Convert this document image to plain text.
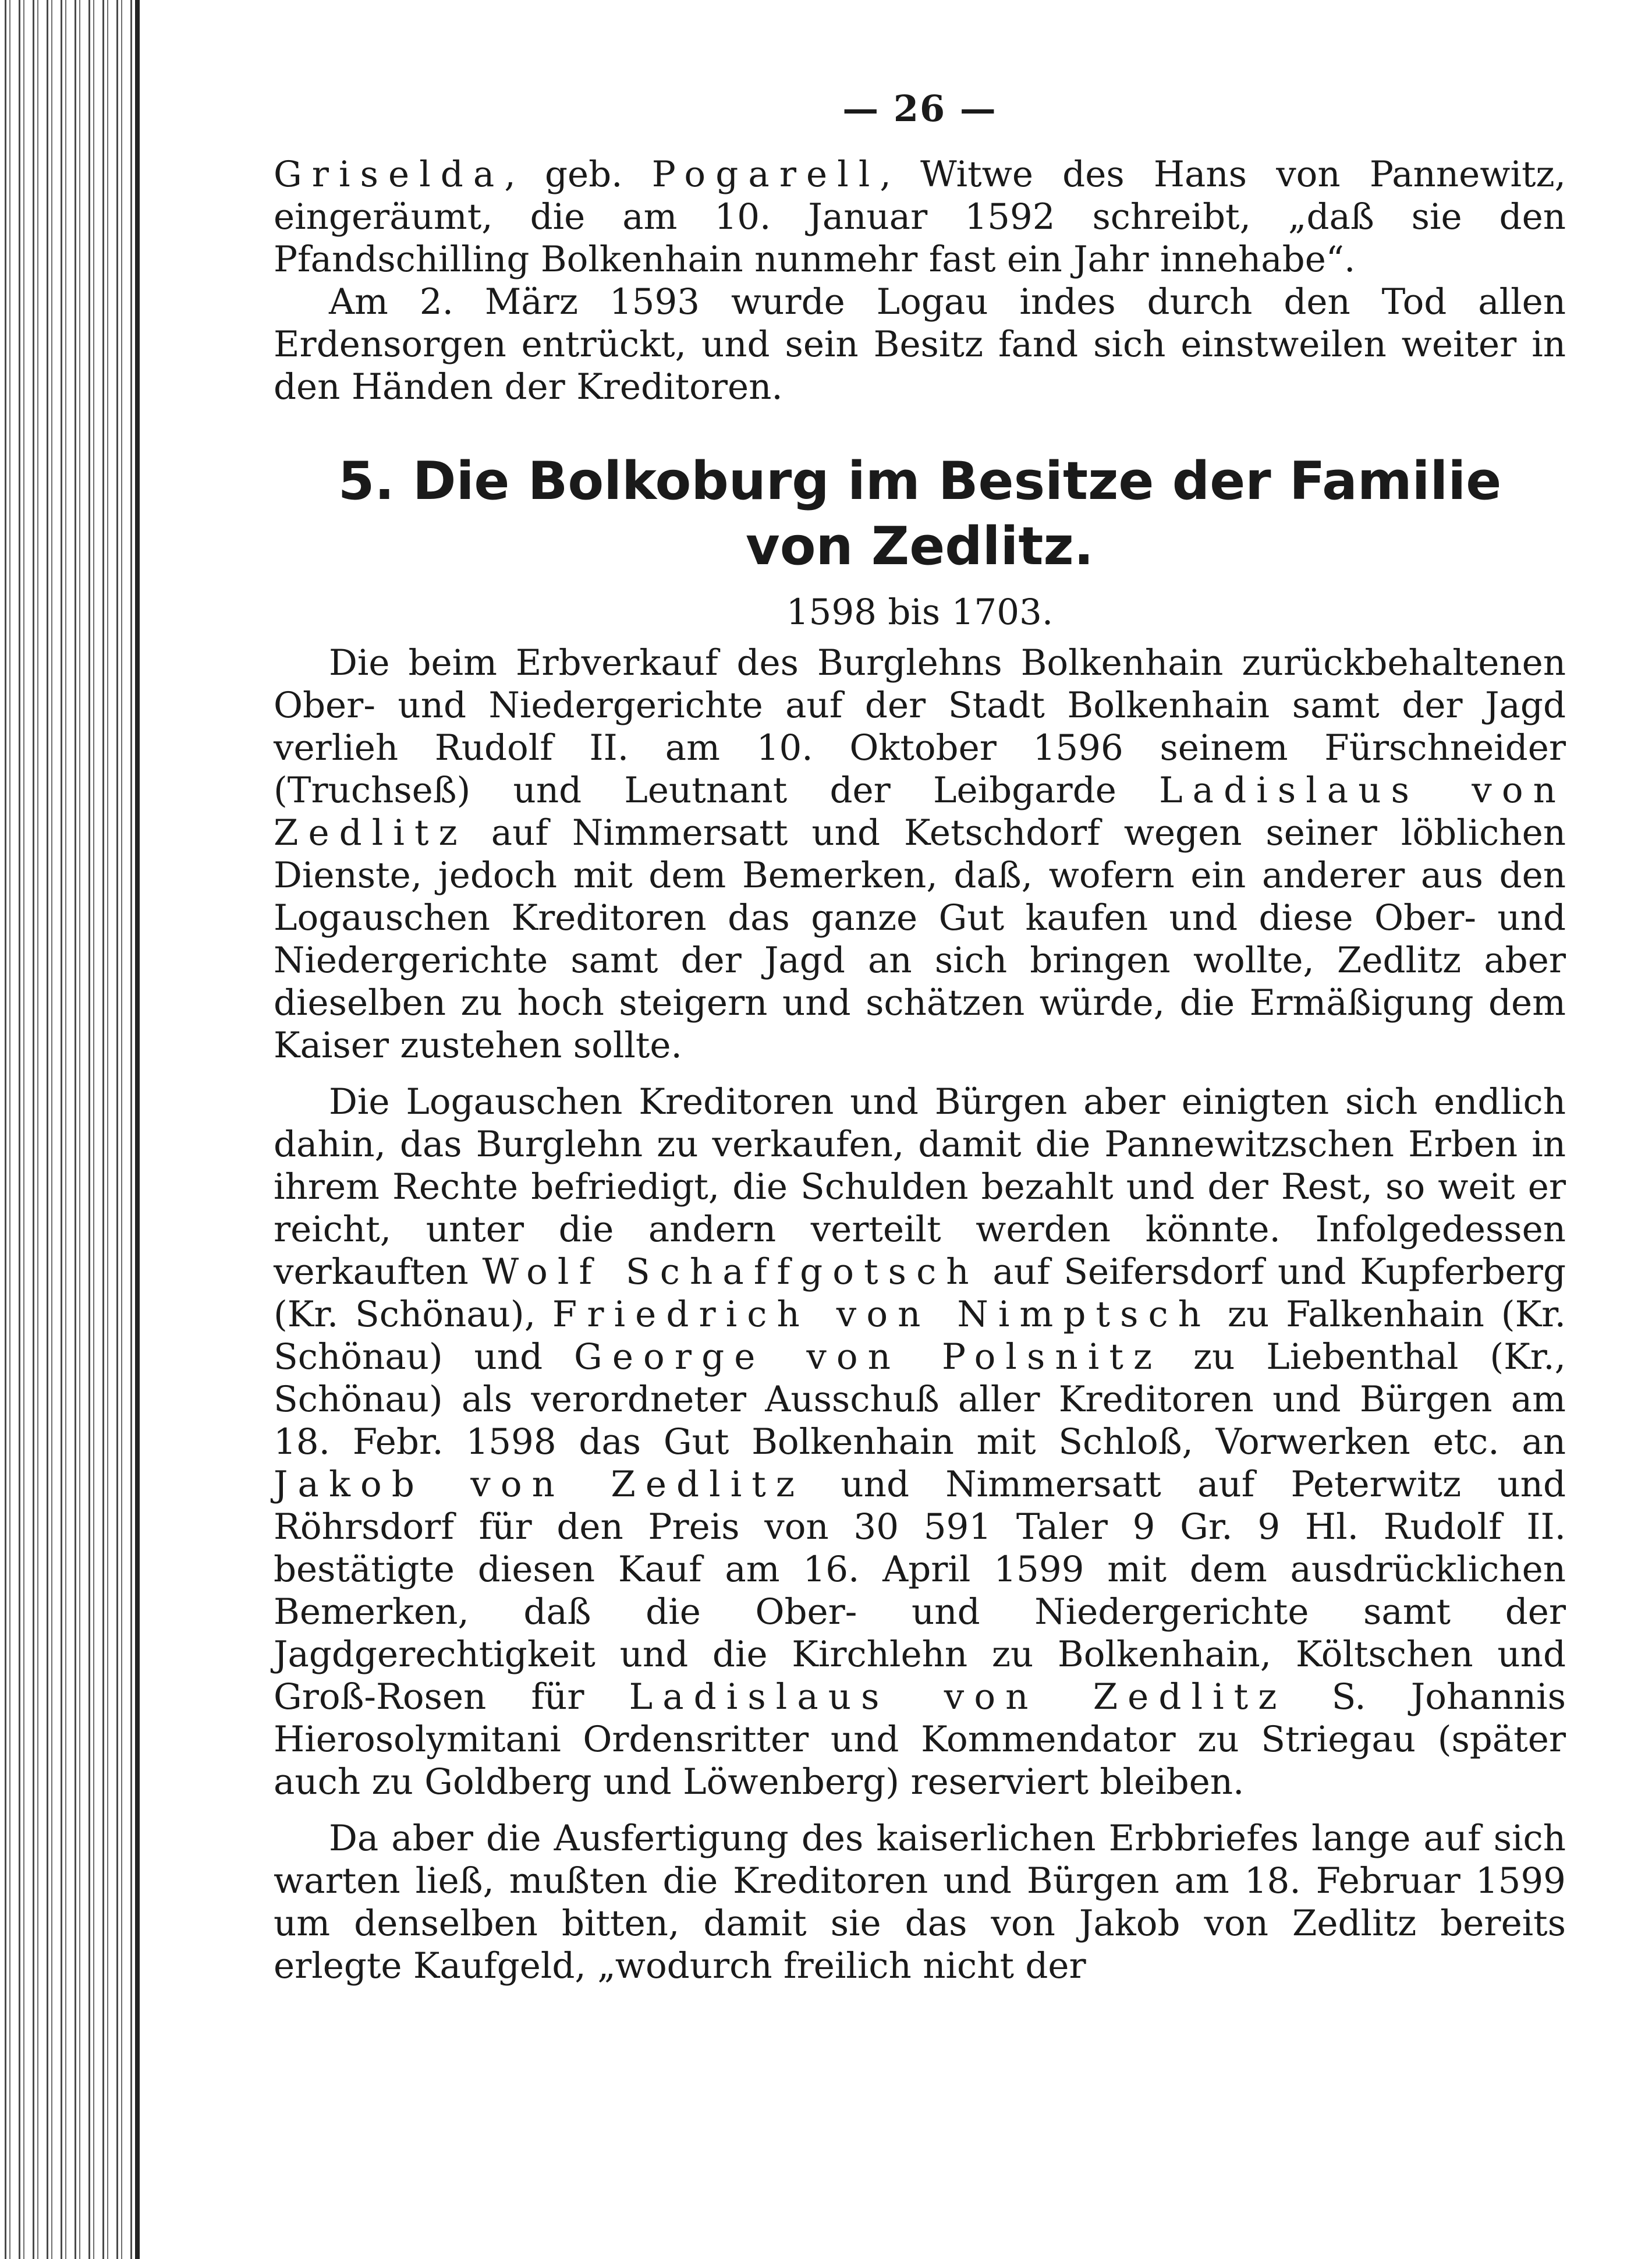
— 26 —

Griselda, geb. Pogarell, Witwe des Hans von Pannewitz, eingeräumt, die am 10. Januar 1592 schreibt, „daß sie den Pfandschilling Bolkenhain nunmehr fast ein Jahr innehabe“.

Am 2. März 1593 wurde Logau indes durch den Tod allen Erdensorgen entrückt, und sein Besitz fand sich einstweilen weiter in den Händen der Kreditoren.

5. Die Bolkoburg im Besitze der Familie von Zedlitz.
1598 bis 1703.

Die beim Erbverkauf des Burglehns Bolkenhain zurückbehaltenen Ober- und Niedergerichte auf der Stadt Bolkenhain samt der Jagd verlieh Rudolf II. am 10. Oktober 1596 seinem Fürschneider (Truchseß) und Leutnant der Leibgarde Ladislaus von Zedlitz auf Nimmersatt und Ketschdorf wegen seiner löblichen Dienste, jedoch mit dem Bemerken, daß, wofern ein anderer aus den Logauschen Kreditoren das ganze Gut kaufen und diese Ober- und Niedergerichte samt der Jagd an sich bringen wollte, Zedlitz aber dieselben zu hoch steigern und schätzen würde, die Ermäßigung dem Kaiser zustehen sollte.

Die Logauschen Kreditoren und Bürgen aber einigten sich endlich dahin, das Burglehn zu verkaufen, damit die Pannewitzschen Erben in ihrem Rechte befriedigt, die Schulden bezahlt und der Rest, so weit er reicht, unter die andern verteilt werden könnte. Infolgedessen verkauften Wolf Schaffgotsch auf Seifersdorf und Kupferberg (Kr. Schönau), Friedrich von Nimptsch zu Falkenhain (Kr. Schönau) und George von Polsnitz zu Liebenthal (Kr., Schönau) als verordneter Ausschuß aller Kreditoren und Bürgen am 18. Febr. 1598 das Gut Bolkenhain mit Schloß, Vorwerken etc. an Jakob von Zedlitz und Nimmersatt auf Peterwitz und Röhrsdorf für den Preis von 30 591 Taler 9 Gr. 9 Hl. Rudolf II. bestätigte diesen Kauf am 16. April 1599 mit dem ausdrücklichen Bemerken, daß die Ober- und Niedergerichte samt der Jagdgerechtigkeit und die Kirchlehn zu Bolkenhain, Költschen und Groß-Rosen für Ladislaus von Zedlitz S. Johannis Hierosolymitani Ordensritter und Kommendator zu Striegau (später auch zu Goldberg und Löwenberg) reserviert bleiben.

Da aber die Ausfertigung des kaiserlichen Erbbriefes lange auf sich warten ließ, mußten die Kreditoren und Bürgen am 18. Februar 1599 um denselben bitten, damit sie das von Jakob von Zedlitz bereits erlegte Kaufgeld, „wodurch freilich nicht der
